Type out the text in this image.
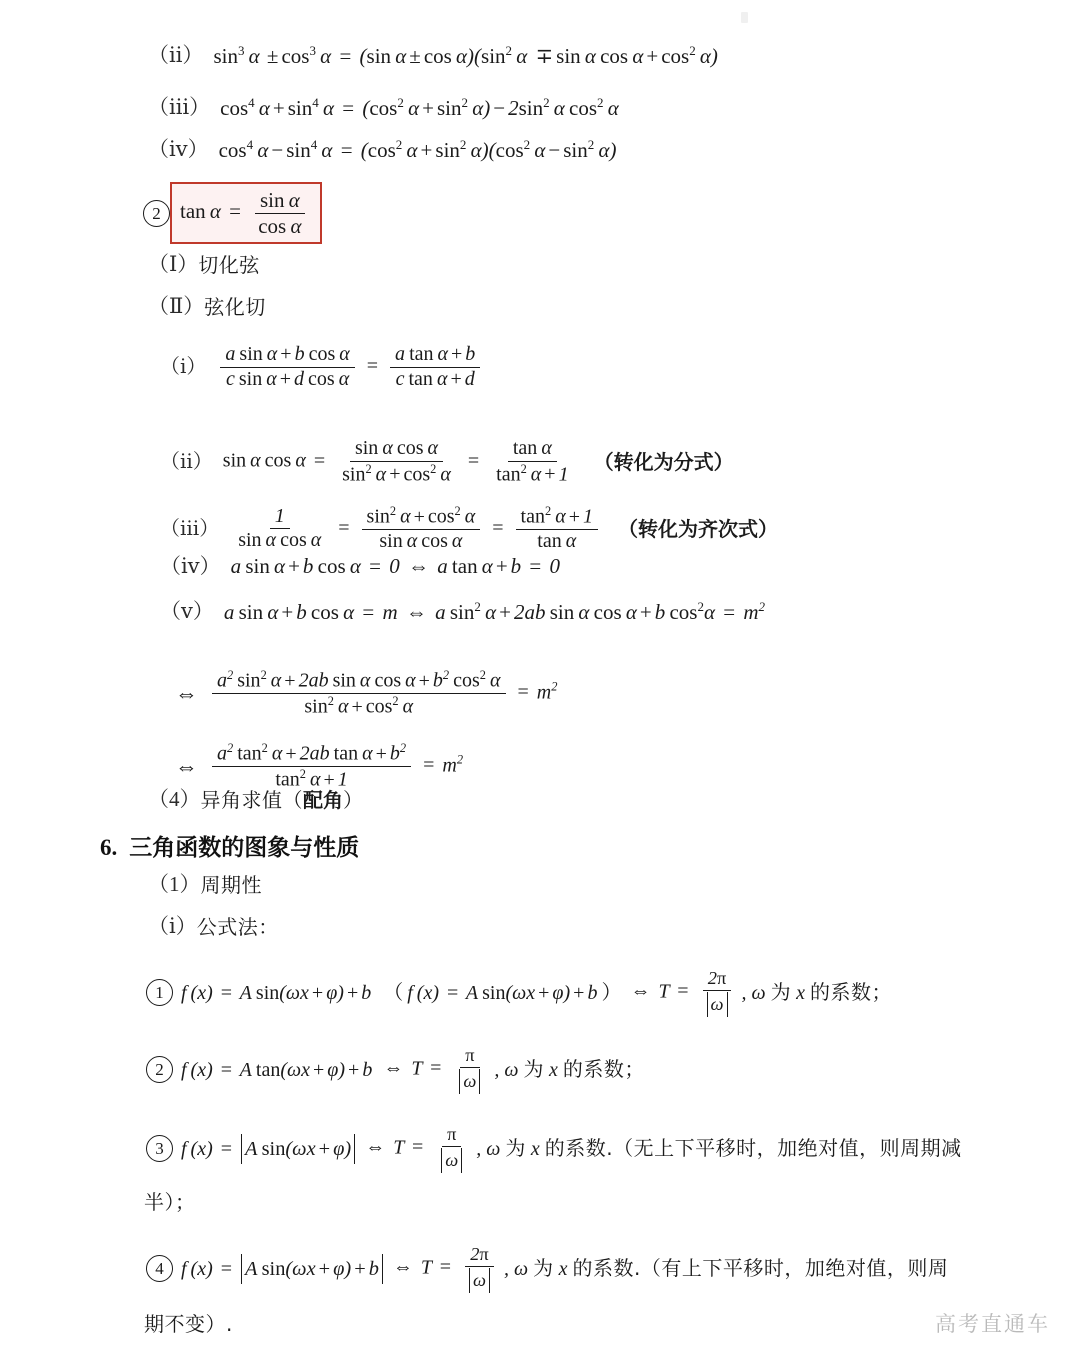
（ⅱ） $\sin^3 \alpha \pm \cos^3 \alpha = (\sin$ $\alpha \pm \cos \alpha)(\sin^2$ α ∓ sin α $\cos \alpha + \cos^2 \alpha$)
（ⅲ） $\cos^4 \alpha + \sin^4 \alpha = (\cos^2$ $\alpha + \sin^2 \alpha) - 2\sin^2$ α $\cos^2 \alpha$
（ⅳ） $\cos^4 \alpha - \sin^4 \alpha = (\cos^2$ $\alpha + \sin^2 \alpha)(\cos^2$ $\alpha - \sin^2 \alpha$)
2 $\tan \alpha = \frac{\text{sin α}}{\text{cos α}}$
（Ⅰ） 切化弦
（Ⅱ） 弦化切
（ⅰ） $\frac{\text{a sin α + b cos α}}{\text{c sin α + d cos α}} = \frac{\text{a tan α + b}}{\text{c tan α + d}}$
（ⅱ） sin α $\cos \alpha = \frac{\text{sin α cos α}}{\sin^2 \alpha + \cos^2 \alpha} = \frac{\text{tan α}}{\tan^2 \alpha + 1}$ （转化为分式）
（ⅲ） $\frac{1}{\text{sin α cos α}} = \frac{\sin^2 \alpha + \cos^2 \alpha}{\text{sin α cos α}} = \frac{\tan^2 \alpha + 1}{\text{tan α}}$ （转化为齐次式）
（ⅳ） a sin α + b cos α = 0 ⇔ a tan α + b = 0
（ⅴ） a sin α + b cos α = m ⇔ a $\sin^2 \alpha + 2ab$ sin α cos α + b $\cos^2\alpha = m^2$
⇔ $\frac{a^2 \sin^2 \alpha + 2ab \sin \alpha \cos \alpha + b^2 \cos^2 \alpha}{\sin^2 \alpha + \cos^2 \alpha} = m^2$
⇔ $\frac{a^2 \tan^2 \alpha + 2ab \tan \alpha + b^2}{\tan^2 \alpha + 1} = m^2$
（4） 异角求值（ 配角 ）
6. 三角函数的图象与性质
（1） 周期性
（ⅰ） 公式法：
1 f (x) = A sin(ωx + φ) + b （ f (x) = A sin(ωx + φ) + b ） ⇔ $T = \frac{2\pi}{\omega}$ , ω 为 x 的系数；
2 f (x) = A tan(ωx + φ) + b ⇔ $T = \frac{\pi}{\omega}$ , ω 为 x 的系数；
3 f (x) = A  sin (ωx + φ) ⇔ $T = \frac{\pi}{\omega}$ , ω 为 x 的系数.（无上下平移时，加绝对值，则周期减
半）；
4 f (x) = A  sin (ωx + φ) + b ⇔ $T = \frac{2\pi}{\omega}$ , ω 为 x 的系数.（有上下平移时，加绝对值，则周
期不变）.	高考直通车
